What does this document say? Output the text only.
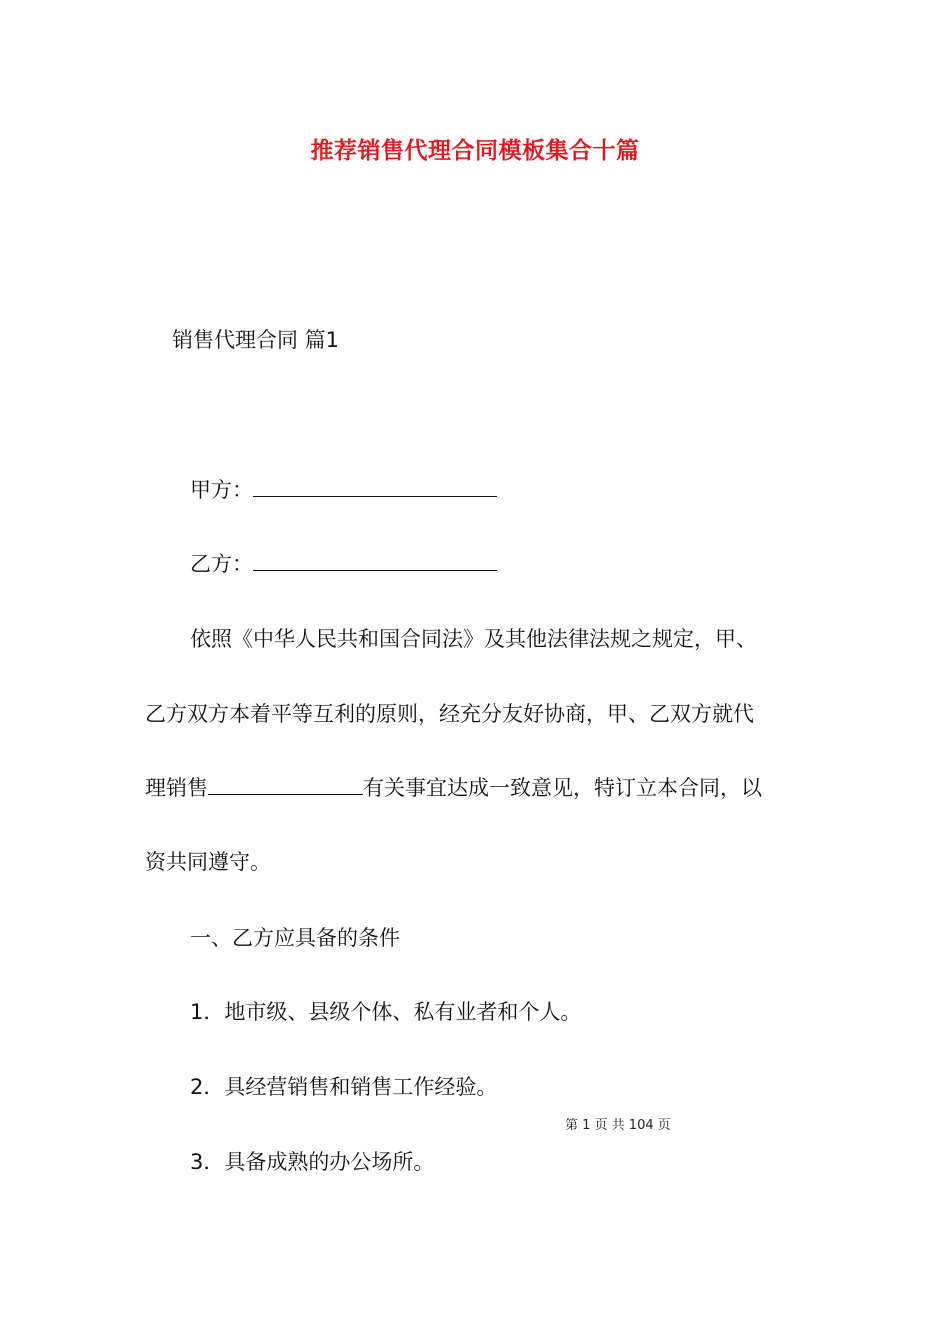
推荐销售代理合同模板集合十篇
销售代理合同 篇1
甲方：
乙方：
依照《中华人民共和国合同法》及其他法律法规之规定，甲、
乙方双方本着平等互利的原则，经充分友好协商，甲、乙双方就代
理销售	有关事宜达成一致意见，特订立本合同，以
资共同遵守。
一、乙方应具备的条件
1．地市级、县级个体、私有业者和个人。
2．具经营销售和销售工作经验。
第 1 页 共 104 页
3．具备成熟的办公场所。
